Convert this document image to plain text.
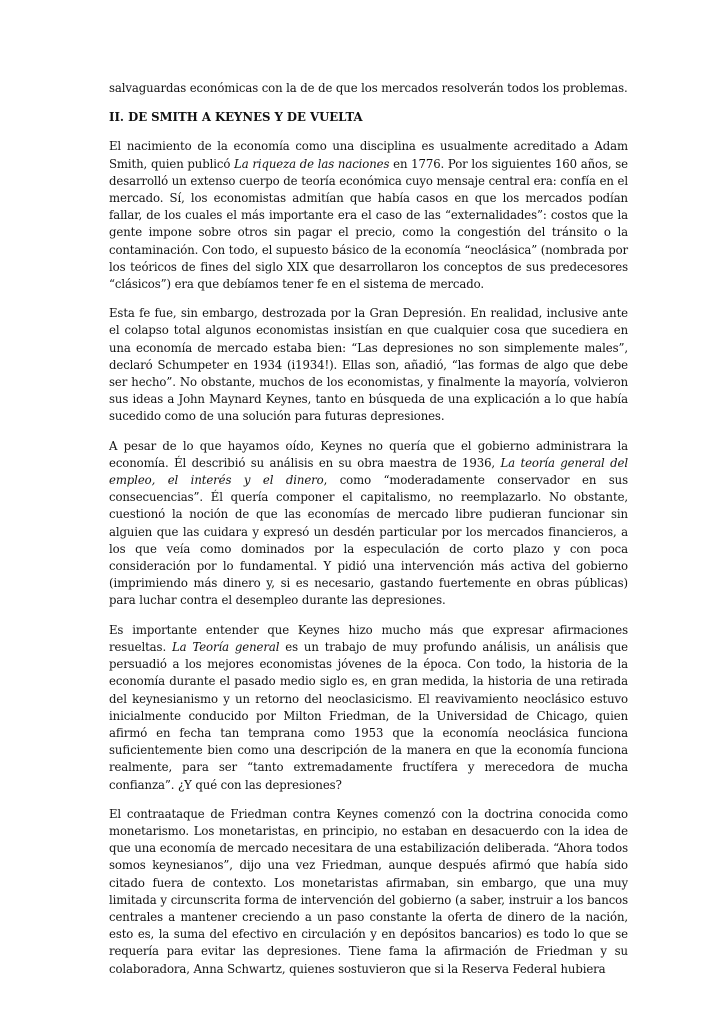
salvaguardas económicas con la de de que los mercados resolverán todos los problemas.

II. DE SMITH A KEYNES Y DE VUELTA

El nacimiento de la economía como una disciplina es usualmente acreditado a Adam Smith, quien publicó La riqueza de las naciones en 1776. Por los siguientes 160 años, se desarrolló un extenso cuerpo de teoría económica cuyo mensaje central era: confía en el mercado. Sí, los economistas admitían que había casos en que los mercados podían fallar, de los cuales el más importante era el caso de las “externalidades”: costos que la gente impone sobre otros sin pagar el precio, como la congestión del tránsito o la contaminación. Con todo, el supuesto básico de la economía “neoclásica” (nombrada por los teóricos de fines del siglo XIX que desarrollaron los conceptos de sus predecesores “clásicos”) era que debíamos tener fe en el sistema de mercado.

Esta fe fue, sin embargo, destrozada por la Gran Depresión. En realidad, inclusive ante el colapso total algunos economistas insistían en que cualquier cosa que sucediera en una economía de mercado estaba bien: “Las depresiones no son simplemente males”, declaró Schumpeter en 1934 (i1934!). Ellas son, añadió, “las formas de algo que debe ser hecho”. No obstante, muchos de los economistas, y finalmente la mayoría, volvieron sus ideas a John Maynard Keynes, tanto en búsqueda de una explicación a lo que había sucedido como de una solución para futuras depresiones.

A pesar de lo que hayamos oído, Keynes no quería que el gobierno administrara la economía. Él describió su análisis en su obra maestra de 1936, La teoría general del empleo, el interés y el dinero, como “moderadamente conservador en sus consecuencias”. Él quería componer el capitalismo, no reemplazarlo. No obstante, cuestionó la noción de que las economías de mercado libre pudieran funcionar sin alguien que las cuidara y expresó un desdén particular por los mercados financieros, a los que veía como dominados por la especulación de corto plazo y con poca consideración por lo fundamental. Y pidió una intervención más activa del gobierno (imprimiendo más dinero y, si es necesario, gastando fuertemente en obras públicas) para luchar contra el desempleo durante las depresiones.

Es importante entender que Keynes hizo mucho más que expresar afirmaciones resueltas. La Teoría general es un trabajo de muy profundo análisis, un análisis que persuadió a los mejores economistas jóvenes de la época. Con todo, la historia de la economía durante el pasado medio siglo es, en gran medida, la historia de una retirada del keynesianismo y un retorno del neoclasicismo. El reavivamiento neoclásico estuvo inicialmente conducido por Milton Friedman, de la Universidad de Chicago, quien afirmó en fecha tan temprana como 1953 que la economía neoclásica funciona suficientemente bien como una descripción de la manera en que la economía funciona realmente, para ser “tanto extremadamente fructífera y merecedora de mucha confianza”. ¿Y qué con las depresiones?

El contraataque de Friedman contra Keynes comenzó con la doctrina conocida como monetarismo. Los monetaristas, en principio, no estaban en desacuerdo con la idea de que una economía de mercado necesitara de una estabilización deliberada. “Ahora todos somos keynesianos”, dijo una vez Friedman, aunque después afirmó que había sido citado fuera de contexto. Los monetaristas afirmaban, sin embargo, que una muy limitada y circunscrita forma de intervención del gobierno (a saber, instruir a los bancos centrales a mantener creciendo a un paso constante la oferta de dinero de la nación, esto es, la suma del efectivo en circulación y en depósitos bancarios) es todo lo que se requería para evitar las depresiones. Tiene fama la afirmación de Friedman y su colaboradora, Anna Schwartz, quienes sostuvieron que si la Reserva Federal hubiera
